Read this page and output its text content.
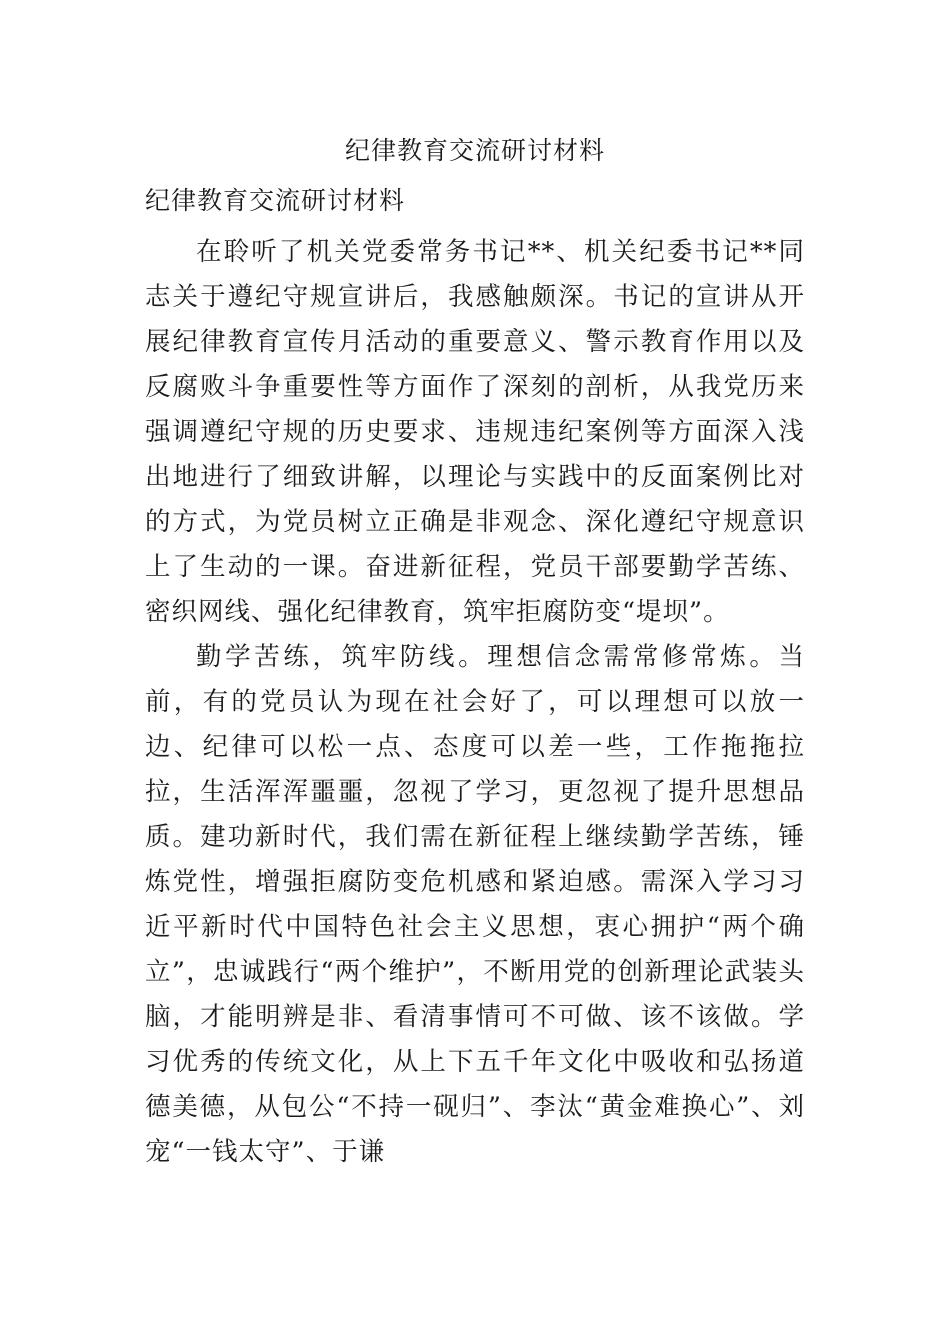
纪律教育交流研讨材料
纪律教育交流研讨材料

在聆听了机关党委常务书记**、机关纪委书记**同志关于遵纪守规宣讲后，我感触颇深。书记的宣讲从开展纪律教育宣传月活动的重要意义、警示教育作用以及反腐败斗争重要性等方面作了深刻的剖析，从我党历来强调遵纪守规的历史要求、违规违纪案例等方面深入浅出地进行了细致讲解，以理论与实践中的反面案例比对的方式，为党员树立正确是非观念、深化遵纪守规意识上了生动的一课。奋进新征程，党员干部要勤学苦练、密织网线、强化纪律教育，筑牢拒腐防变“堤坝”。

勤学苦练，筑牢防线。理想信念需常修常炼。当前，有的党员认为现在社会好了，可以理想可以放一边、纪律可以松一点、态度可以差一些，工作拖拖拉拉，生活浑浑噩噩，忽视了学习，更忽视了提升思想品质。建功新时代，我们需在新征程上继续勤学苦练，锤炼党性，增强拒腐防变危机感和紧迫感。需深入学习习近平新时代中国特色社会主义思想，衷心拥护“两个确立”，忠诚践行“两个维护”，不断用党的创新理论武装头脑，才能明辨是非、看清事情可不可做、该不该做。学习优秀的传统文化，从上下五千年文化中吸收和弘扬道德美德，从包公“不持一砚归”、李汰“黄金难换心”、刘宠“一钱太守”、于谦
